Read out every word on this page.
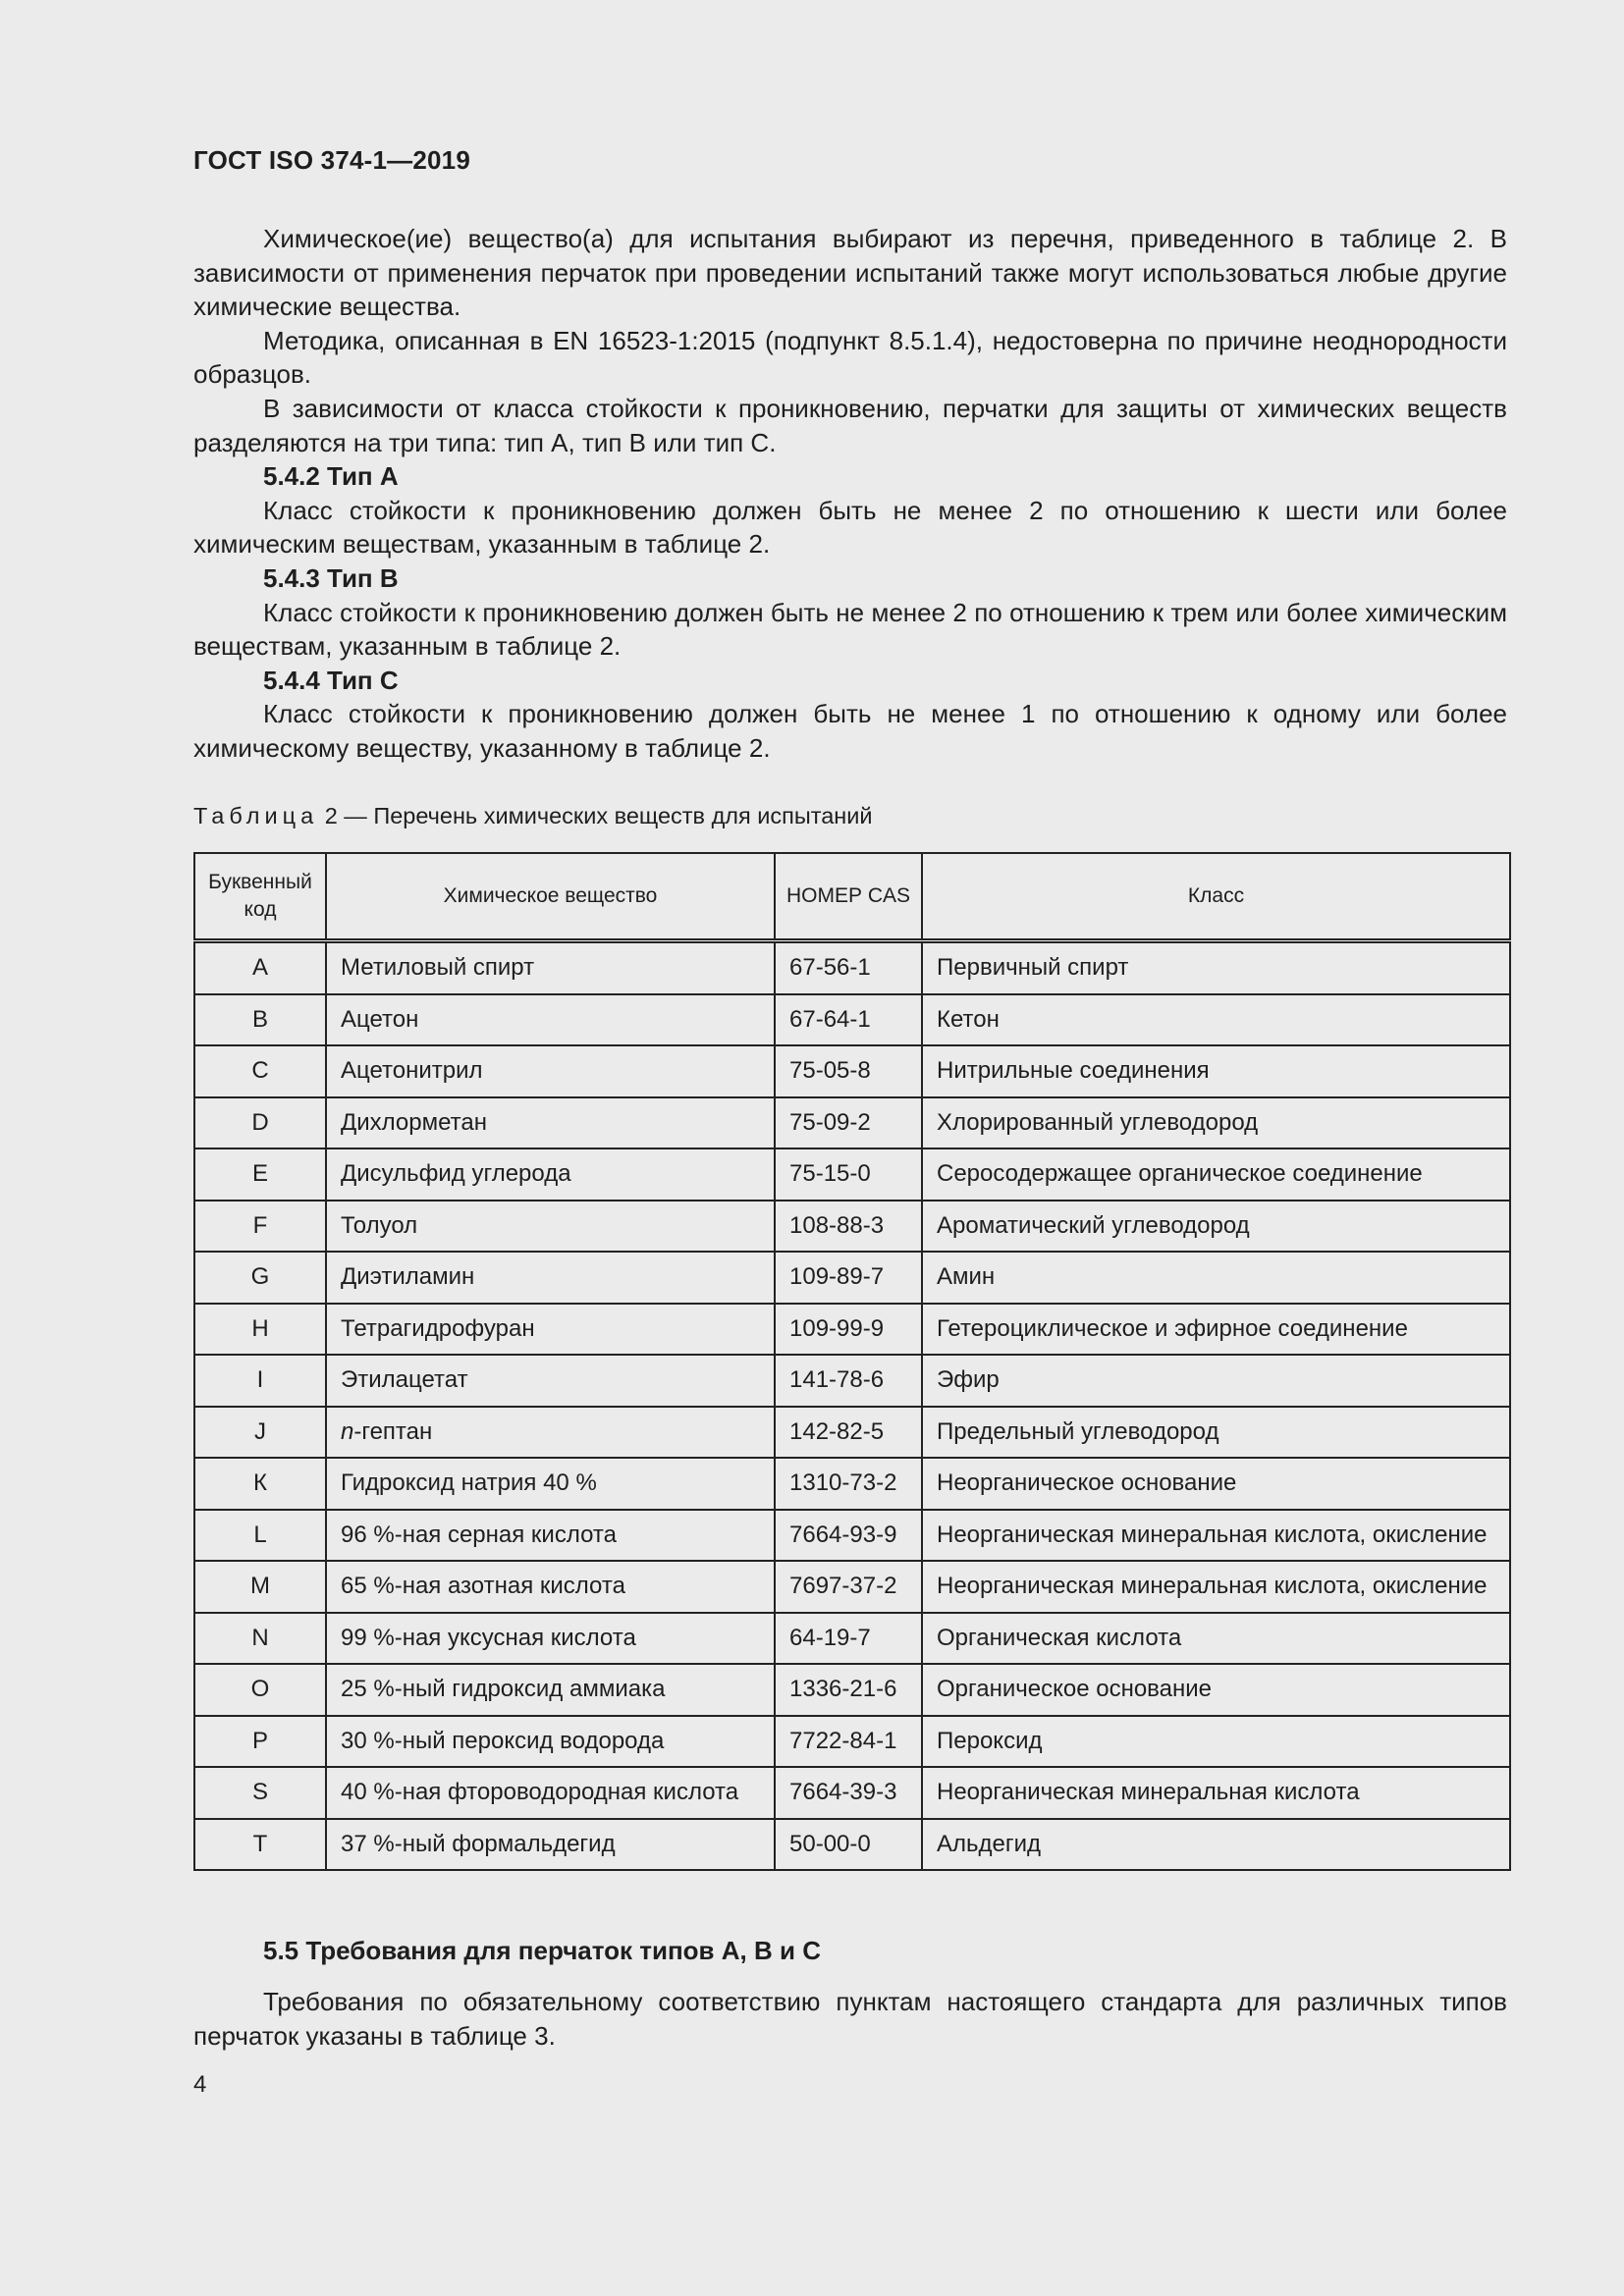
ГОСТ ISO 374-1—2019

Химическое(ие) вещество(а) для испытания выбирают из перечня, приведенного в таблице 2. В зависимости от применения перчаток при проведении испытаний также могут использоваться любые другие химические вещества.

Методика, описанная в EN 16523-1:2015 (подпункт 8.5.1.4), недостоверна по причине неоднородности образцов.

В зависимости от класса стойкости к проникновению, перчатки для защиты от химических веществ разделяются на три типа: тип А, тип В или тип С.

5.4.2 Тип А

Класс стойкости к проникновению должен быть не менее 2 по отношению к шести или более химическим веществам, указанным в таблице 2.

5.4.3 Тип В

Класс стойкости к проникновению должен быть не менее 2 по отношению к трем или более химическим веществам, указанным в таблице 2.

5.4.4 Тип С

Класс стойкости к проникновению должен быть не менее 1 по отношению к одному или более химическому веществу, указанному в таблице 2.

Таблица 2 — Перечень химических веществ для испытаний
Буквенный код	Химическое вещество	НОМЕР CAS	Класс
A	Метиловый спирт	67-56-1	Первичный спирт
B	Ацетон	67-64-1	Кетон
C	Ацетонитрил	75-05-8	Нитрильные соединения
D	Дихлорметан	75-09-2	Хлорированный углеводород
E	Дисульфид углерода	75-15-0	Серосодержащее органическое соединение
F	Толуол	108-88-3	Ароматический углеводород
G	Диэтиламин	109-89-7	Амин
H	Тетрагидрофуран	109-99-9	Гетероциклическое и эфирное соединение
I	Этилацетат	141-78-6	Эфир
J	n-гептан	142-82-5	Предельный углеводород
К	Гидроксид натрия 40 %	1310-73-2	Неорганическое основание
L	96 %-ная серная кислота	7664-93-9	Неорганическая минеральная кислота, окисление
M	65 %-ная азотная кислота	7697-37-2	Неорганическая минеральная кислота, окисление
N	99 %-ная уксусная кислота	64-19-7	Органическая кислота
O	25 %-ный гидроксид аммиака	1336-21-6	Органическое основание
P	30 %-ный пероксид водорода	7722-84-1	Пероксид
S	40 %-ная фтороводородная кислота	7664-39-3	Неорганическая минеральная кислота
T	37 %-ный формальдегид	50-00-0	Альдегид
5.5 Требования для перчаток типов А, В и С

Требования по обязательному соответствию пунктам настоящего стандарта для различных типов перчаток указаны в таблице 3.

4
